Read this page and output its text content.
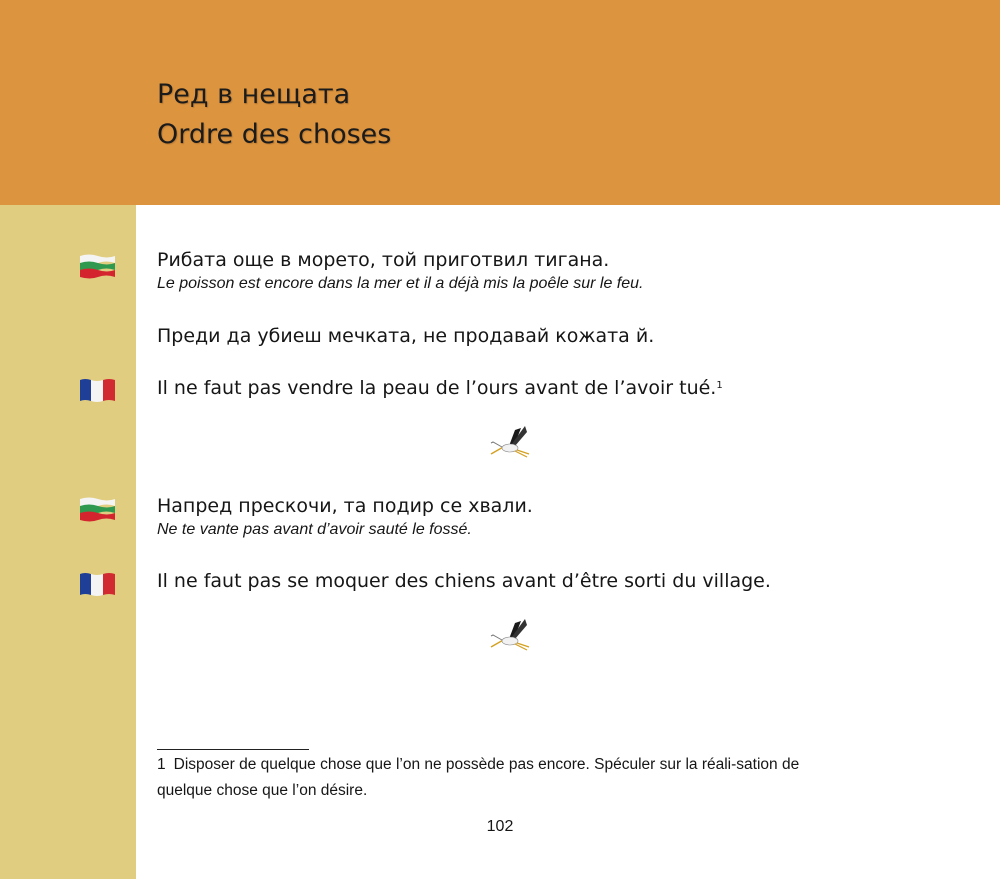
Ред в нещата
Ordre des choses
Рибата още в морето, той приготвил тигана.
Le poisson est encore dans la mer et il a déjà mis la poêle sur le feu.
Преди да убиеш мечката, не продавай кожата й.
Il ne faut pas vendre la peau de l’ours avant de l’avoir tué.$^1$
Напред прескочи, та подир се хвали.
Ne te vante pas avant d’avoir sauté le fossé.
Il ne faut pas se moquer des chiens avant d’être sorti du village.
1 Disposer de quelque chose que l’on ne possède pas encore. Spéculer sur la réali-sation de quelque chose que l’on désire.
102
